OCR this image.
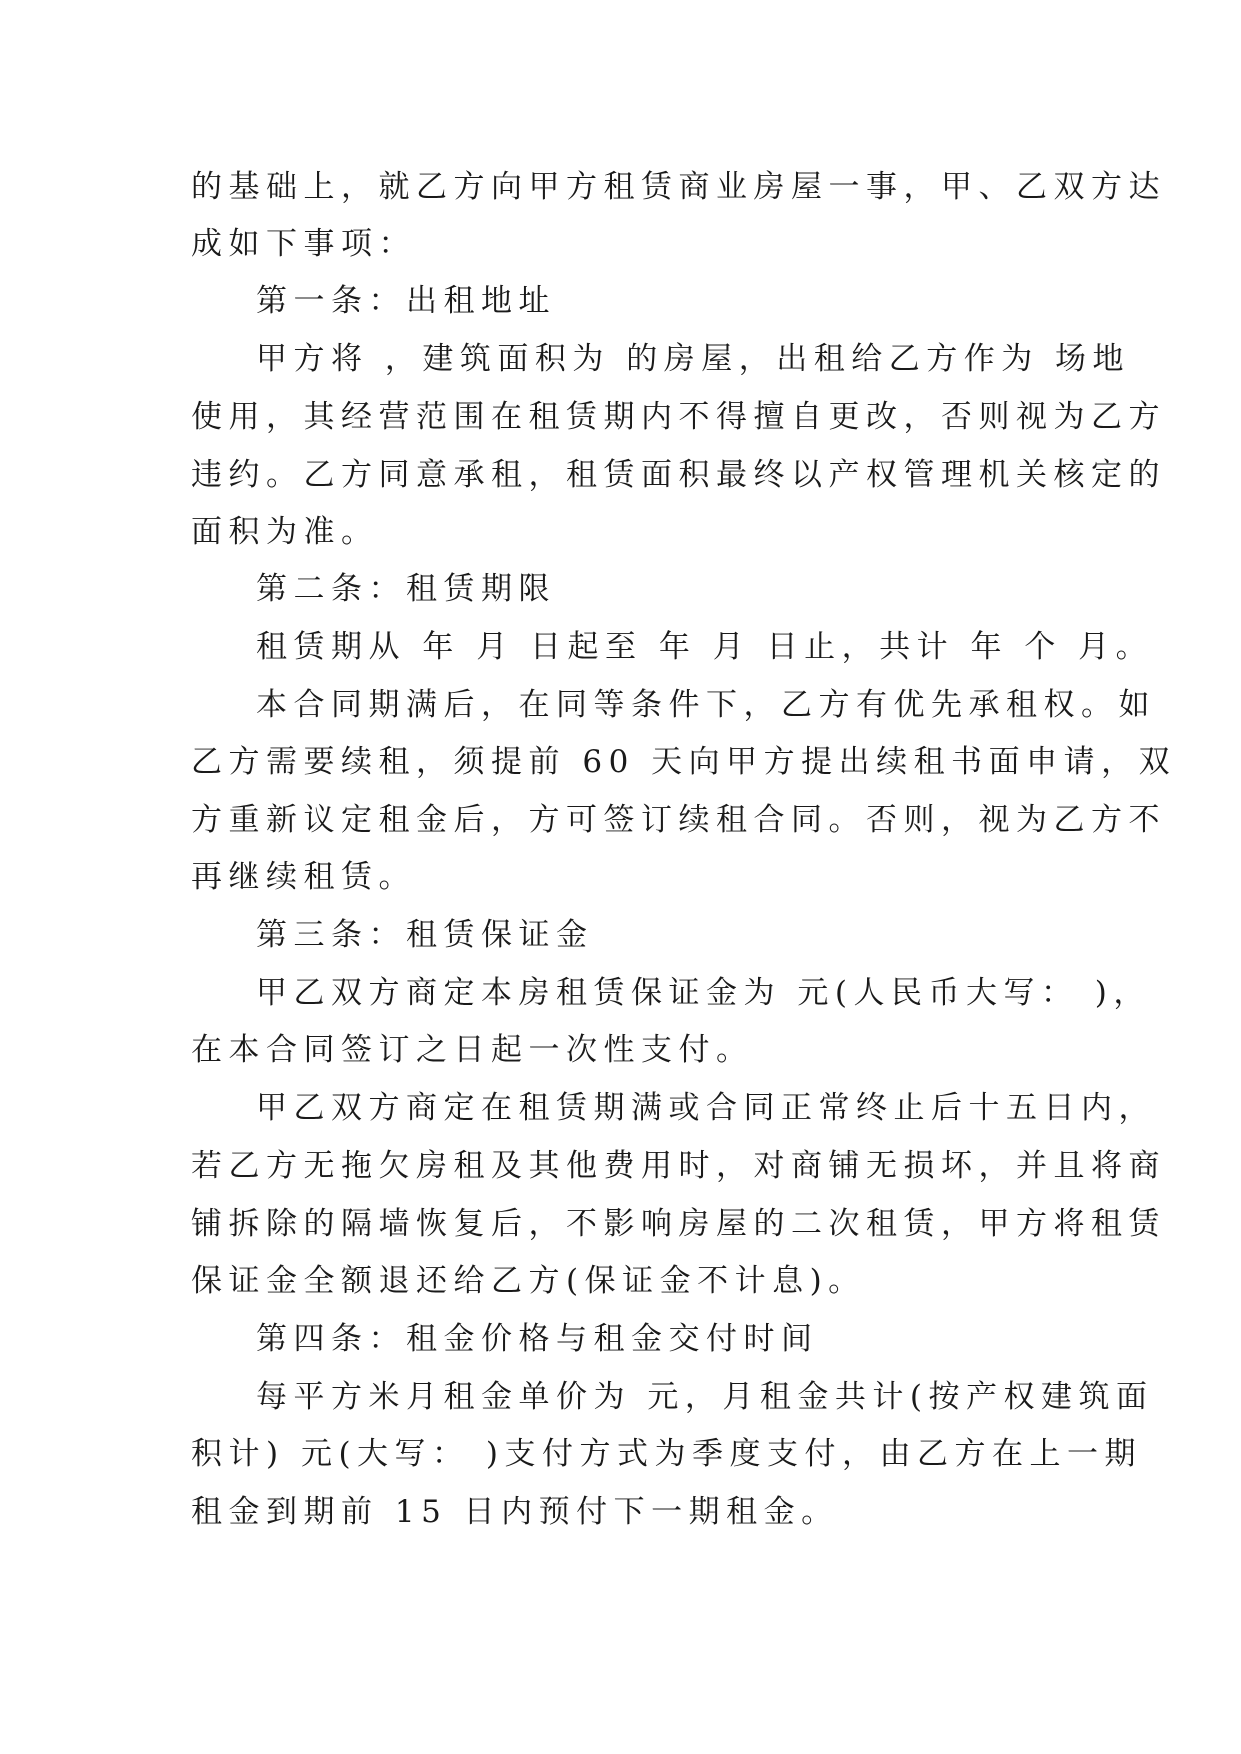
的基础上，就乙方向甲方租赁商业房屋一事，甲、乙双方达
成如下事项：
第一条：出租地址
甲方将 ，建筑面积为 的房屋，出租给乙方作为 场地
使用，其经营范围在租赁期内不得擅自更改，否则视为乙方
违约。乙方同意承租，租赁面积最终以产权管理机关核定的
面积为准。
第二条：租赁期限
租赁期从 年 月 日起至 年 月 日止，共计 年 个 月。
本合同期满后，在同等条件下，乙方有优先承租权。如
乙方需要续租，须提前 60 天向甲方提出续租书面申请，双
方重新议定租金后，方可签订续租合同。否则，视为乙方不
再继续租赁。
第三条：租赁保证金
甲乙双方商定本房租赁保证金为 元(人民币大写： )，
在本合同签订之日起一次性支付。
甲乙双方商定在租赁期满或合同正常终止后十五日内，
若乙方无拖欠房租及其他费用时，对商铺无损坏，并且将商
铺拆除的隔墙恢复后，不影响房屋的二次租赁，甲方将租赁
保证金全额退还给乙方(保证金不计息)。
第四条：租金价格与租金交付时间
每平方米月租金单价为 元，月租金共计(按产权建筑面
积计) 元(大写： )支付方式为季度支付，由乙方在上一期
租金到期前 15 日内预付下一期租金。
